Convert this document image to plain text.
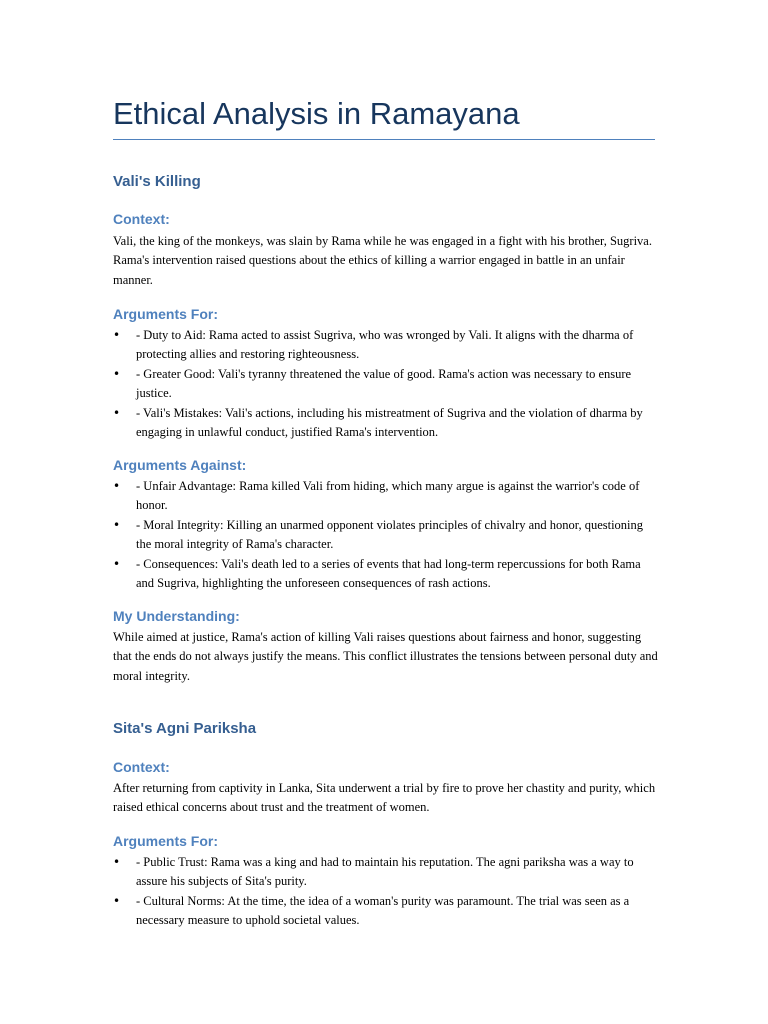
Ethical Analysis in Ramayana
Vali's Killing
Context:

Vali, the king of the monkeys, was slain by Rama while he was engaged in a fight with his brother, Sugriva. Rama's intervention raised questions about the ethics of killing a warrior engaged in battle in an unfair manner.

Arguments For:
• - Duty to Aid: Rama acted to assist Sugriva, who was wronged by Vali. It aligns with the dharma of protecting allies and restoring righteousness.
• - Greater Good: Vali's tyranny threatened the value of good. Rama's action was necessary to ensure justice.
• - Vali's Mistakes: Vali's actions, including his mistreatment of Sugriva and the violation of dharma by engaging in unlawful conduct, justified Rama's intervention.
Arguments Against:
• - Unfair Advantage: Rama killed Vali from hiding, which many argue is against the warrior's code of honor.
• - Moral Integrity: Killing an unarmed opponent violates principles of chivalry and honor, questioning the moral integrity of Rama's character.
• - Consequences: Vali's death led to a series of events that had long-term repercussions for both Rama and Sugriva, highlighting the unforeseen consequences of rash actions.
My Understanding:

While aimed at justice, Rama's action of killing Vali raises questions about fairness and honor, suggesting that the ends do not always justify the means. This conflict illustrates the tensions between personal duty and moral integrity.

Sita's Agni Pariksha
Context:

After returning from captivity in Lanka, Sita underwent a trial by fire to prove her chastity and purity, which raised ethical concerns about trust and the treatment of women.

Arguments For:
• - Public Trust: Rama was a king and had to maintain his reputation. The agni pariksha was a way to assure his subjects of Sita's purity.
• - Cultural Norms: At the time, the idea of a woman's purity was paramount. The trial was seen as a necessary measure to uphold societal values.
